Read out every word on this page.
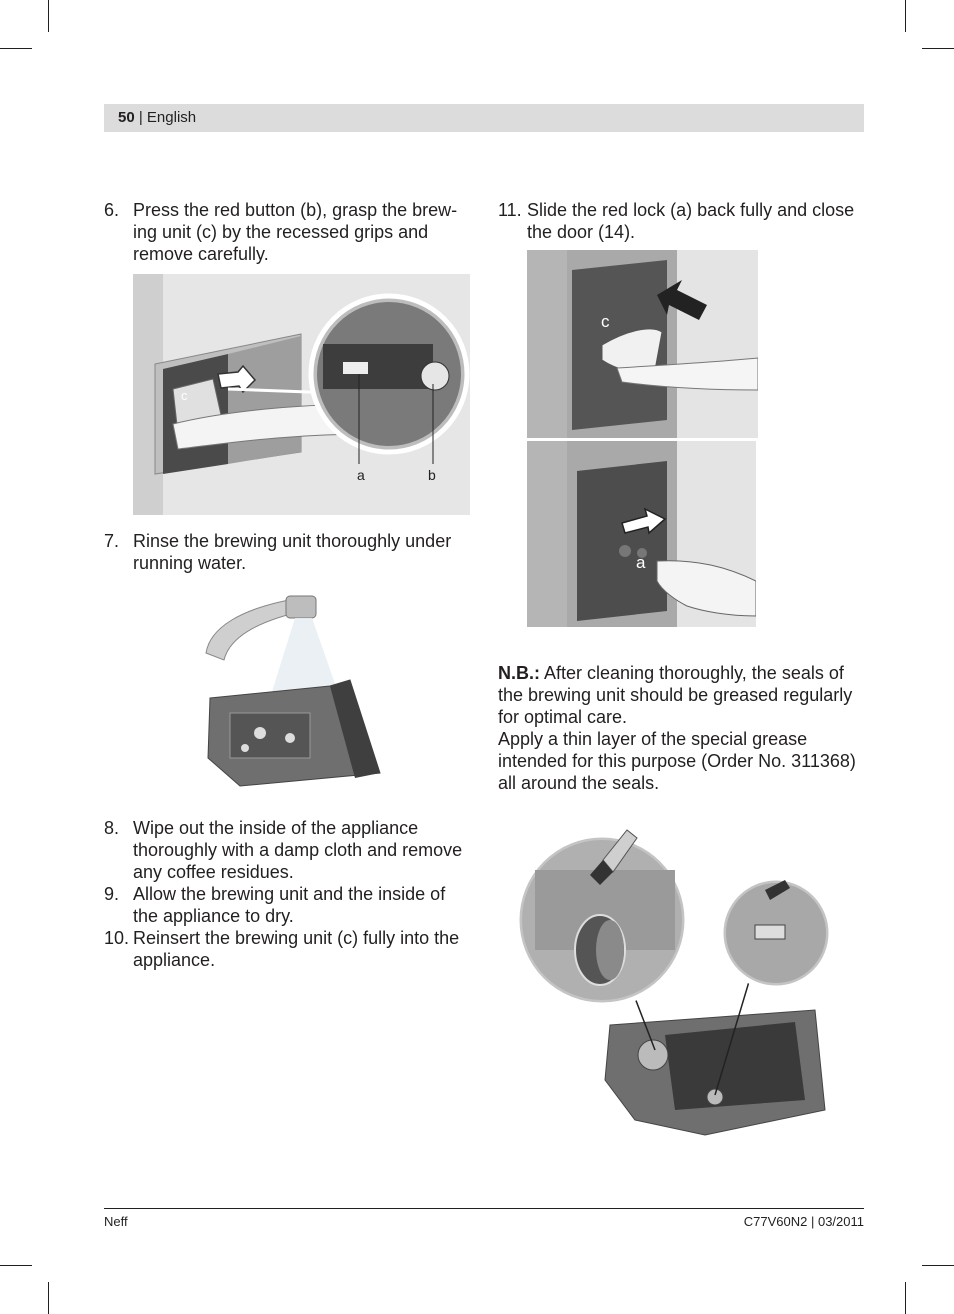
50 | English
6. Press the red button (b), grasp the brew-ing unit (c) by the recessed grips and remove carefully.
c
a	b
7. Rinse the brewing unit thoroughly under running water.
8. Wipe out the inside of the appliance thoroughly with a damp cloth and remove any coffee residues.
9. Allow the brewing unit and the inside of the appliance to dry.
10. Reinsert the brewing unit (c) fully into the appliance.
11. Slide the red lock (a) back fully and close the door (14).
c
a
N.B.: After cleaning thoroughly, the seals of the brewing unit should be greased regularly for optimal care.
Apply a thin layer of the special grease intended for this purpose (Order No. 311368) all around the seals.
Neff	C77V60N2 | 03/2011
